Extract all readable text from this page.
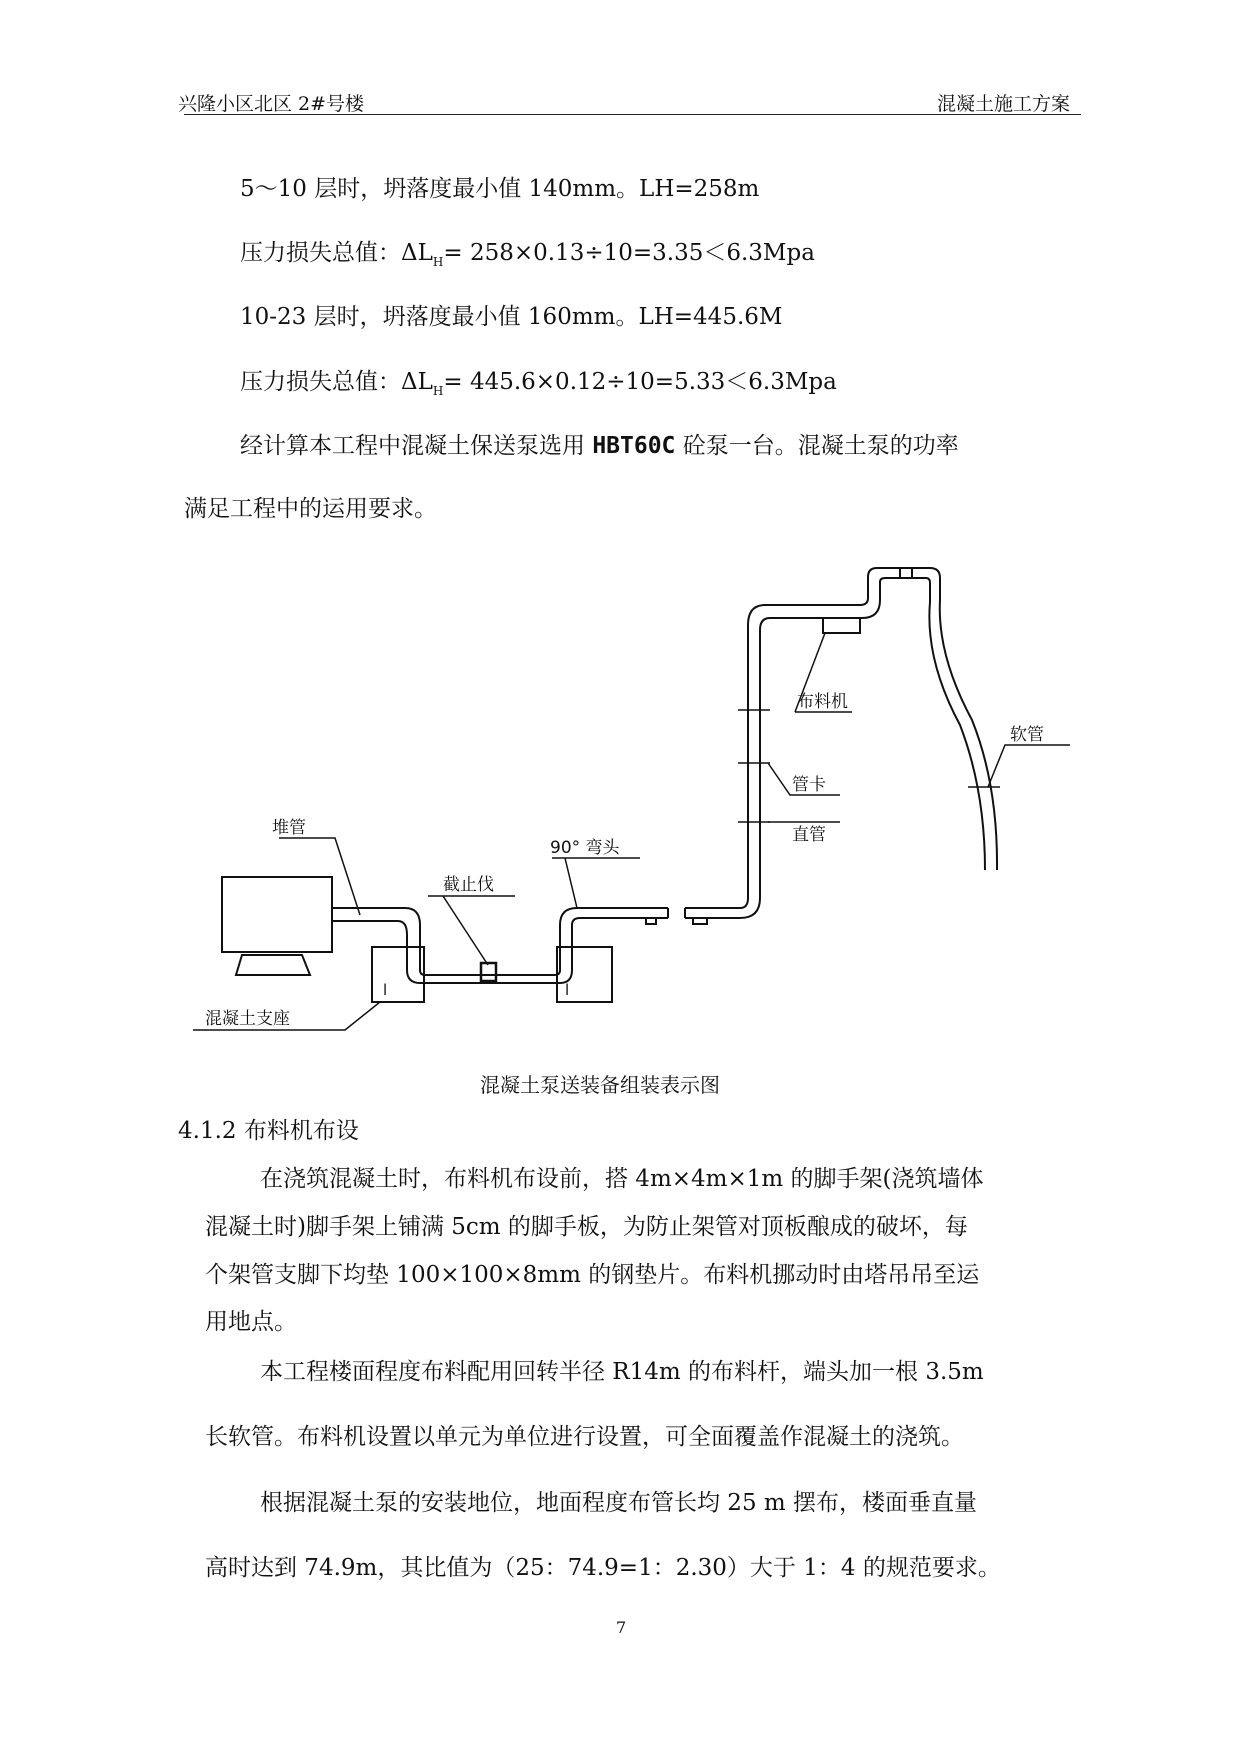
兴隆小区北区 2#号楼	混凝土施工方案
5～10 层时，坍落度最小值 140mm。LH=258m
压力损失总值：$\Delta L_H= 258\times 0.13\div 10=3.35<6.3Mpa$
10-23 层时，坍落度最小值 160mm。LH=445.6M
压力损失总值：$\Delta L_H= 445.6\times 0.12\div 10=5.33<6.3Mpa$
经计算本工程中混凝土保送泵选用 HBT60C 砼泵一台。混凝土泵的功率
满足工程中的运用要求。
堆管
截止伐
90° 弯头
布料机
管卡
直管
软管
混凝土支座
l	l
混凝土泵送装备组装表示图
4.1.2 布料机布设
在浇筑混凝土时，布料机布设前，搭 4m×4m×1m 的脚手架(浇筑墙体
混凝土时)脚手架上铺满 5cm 的脚手板，为防止架管对顶板酿成的破坏，每
个架管支脚下均垫 100×100×8mm 的钢垫片。布料机挪动时由塔吊吊至运
用地点。
本工程楼面程度布料配用回转半径 R14m 的布料杆，端头加一根 3.5m
长软管。布料机设置以单元为单位进行设置，可全面覆盖作混凝土的浇筑。
根据混凝土泵的安装地位，地面程度布管长均 25 m 摆布，楼面垂直量
高时达到 74.9m，其比值为（25：74.9=1：2.30）大于 1：4 的规范要求。
7
